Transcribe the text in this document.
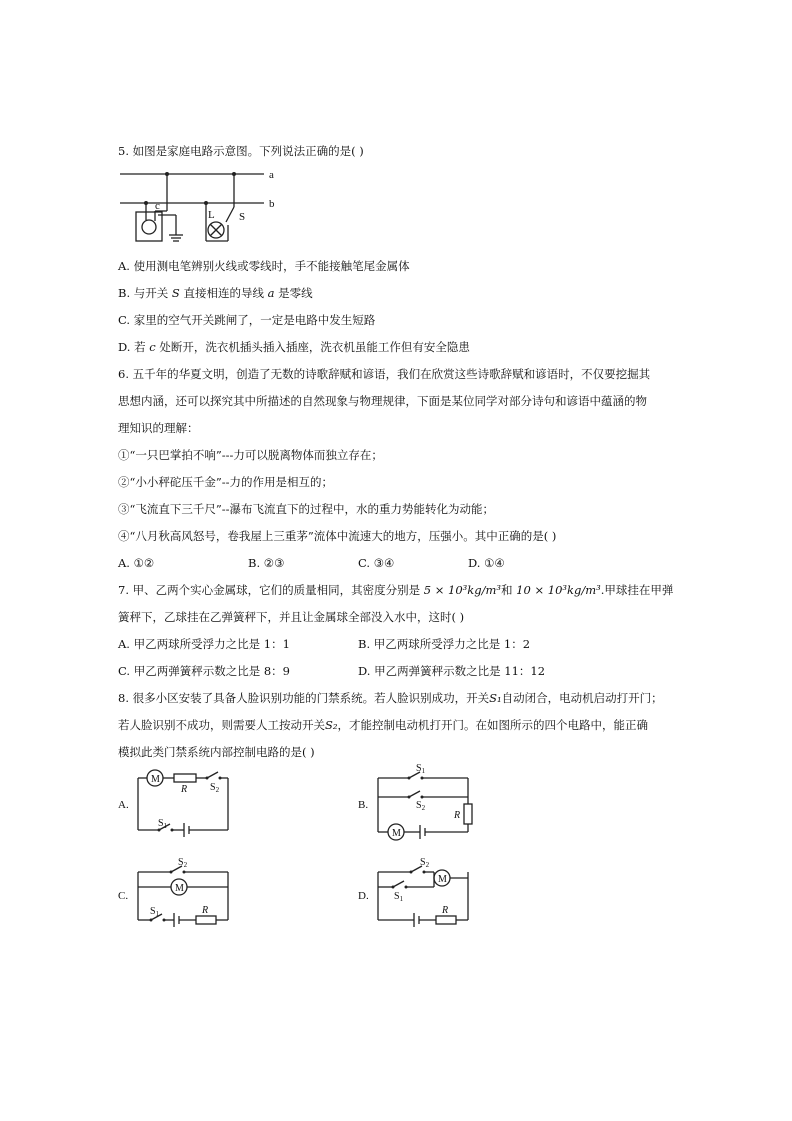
5. 如图是家庭电路示意图。下列说法正确的是( )
a
b
c
L S
A. 使用测电笔辨别火线或零线时，手不能接触笔尾金属体
B. 与开关 S 直接相连的导线 a 是零线
C. 家里的空气开关跳闸了，一定是电路中发生短路
D. 若 c 处断开，洗衣机插头插入插座，洗衣机虽能工作但有安全隐患
6. 五千年的华夏文明，创造了无数的诗歌辞赋和谚语，我们在欣赏这些诗歌辞赋和谚语时，不仅要挖掘其
思想内涵，还可以探究其中所描述的自然现象与物理规律，下面是某位同学对部分诗句和谚语中蕴涵的物
理知识的理解：
①“一只巴掌拍不响”---力可以脱离物体而独立存在；
②“小小秤砣压千金”--力的作用是相互的；
③“飞流直下三千尺”--瀑布飞流直下的过程中，水的重力势能转化为动能；
④“八月秋高风怒号，卷我屋上三重茅”流体中流速大的地方，压强小。其中正确的是( )
A. ①②	B. ②③	C. ③④	D. ①④
7. 甲、乙两个实心金属球，它们的质量相同，其密度分别是 5 × 10³kg/m³和 10 × 10³kg/m³.甲球挂在甲弹
簧秤下，乙球挂在乙弹簧秤下，并且让金属球全部没入水中，这时( )
A. 甲乙两球所受浮力之比是 1：1	B. 甲乙两球所受浮力之比是 1：2
C. 甲乙两弹簧秤示数之比是 8：9	D. 甲乙两弹簧秤示数之比是 11：12
8. 很多小区安装了具备人脸识别功能的门禁系统。若人脸识别成功，开关S₁自动闭合，电动机启动打开门；
若人脸识别不成功，则需要人工按动开关S₂，才能控制电动机打开门。在如图所示的四个电路中，能正确
模拟此类门禁系统内部控制电路的是( )
A.
M
R $S_2$
$S_1$
B.
$S_1$
$S_2$
R
M
C.
$S_2$
M
$S_1$	R
D.
$S_2$
M
$S_1$
R
